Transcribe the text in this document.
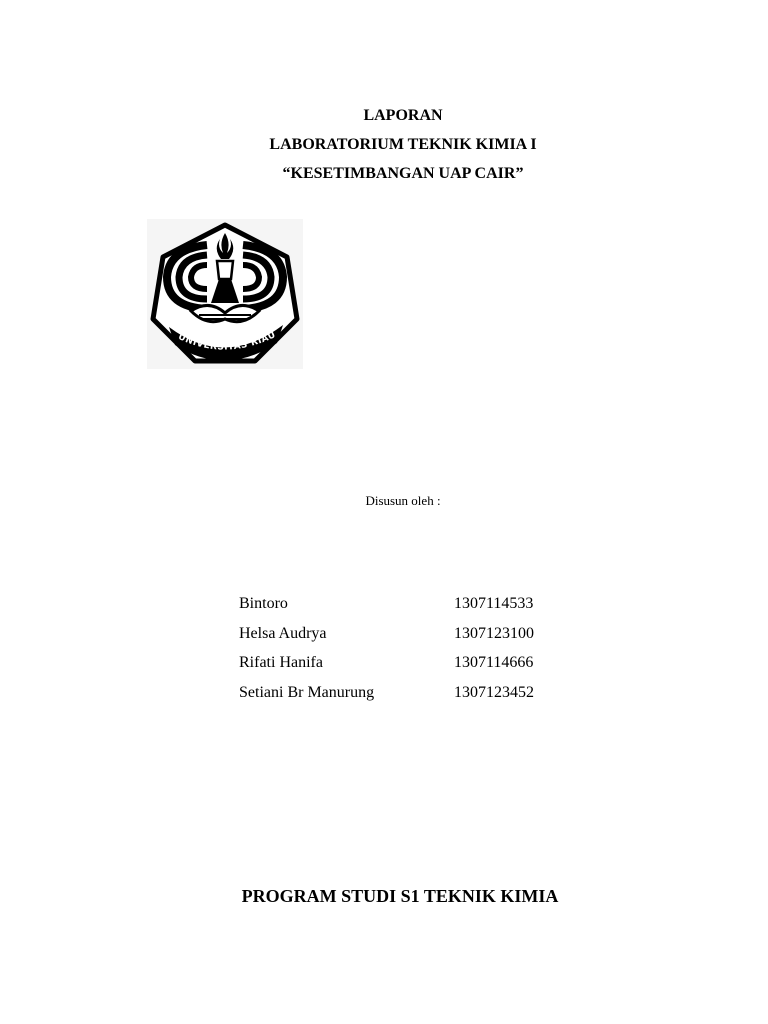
LAPORAN
LABORATORIUM TEKNIK KIMIA I
“KESETIMBANGAN UAP CAIR”
UNIVERSITAS RIAU
Disusun oleh :
Bintoro	1307114533
Helsa Audrya	1307123100
Rifati Hanifa	1307114666
Setiani Br Manurung	1307123452
PROGRAM STUDI S1 TEKNIK KIMIA
